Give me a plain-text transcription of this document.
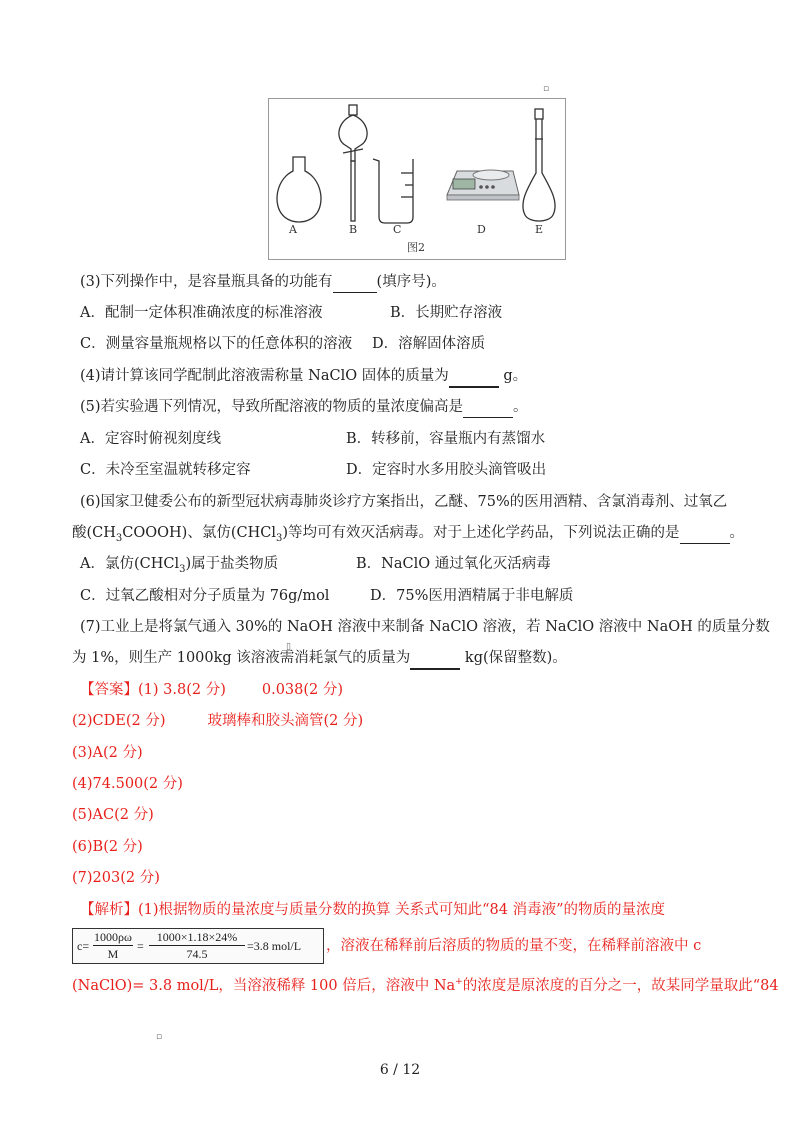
▫
A	B	C	D	E
图2
(3)下列操作中，是容量瓶具备的功能有	(填序号)。
A．配制一定体积准确浓度的标准溶液	B．长期贮存溶液
C．测量容量瓶规格以下的任意体积的溶液 D．溶解固体溶质
(4)请计算该同学配制此溶液需称量 NaClO 固体的质量为	g。
(5)若实验遇下列情况，导致所配溶液的物质的量浓度偏高是	。
A．定容时俯视刻度线	B．转移前，容量瓶内有蒸馏水
C．未冷至室温就转移定容	D．定容时水多用胶头滴管吸出
(6)国家卫健委公布的新型冠状病毒肺炎诊疗方案指出，乙醚、75%的医用酒精、含氯消毒剂、过氧乙
酸$(CH_3COOOH)$、氯仿(CHCl$_3$)等均可有效灭活病毒。对于上述化学药品，下列说法正确的是	。
A．氯仿(CHCl$_3$)属于盐类物质	B．NaClO 通过氧化灭活病毒
C．过氧乙酸相对分子质量为 76g/mol	D．75%医用酒精属于非电解质
(7)工业上是将氯气通入 30%的 NaOH 溶液中来制备 NaClO 溶液，若 NaClO 溶液中 NaOH 的质量分数
为 1%，则生产 1000kg 该溶液需消耗氯气的质量为	kg(保留整数)。
▯
【答案】(1) 3.8(2 分) 0.038(2 分)
(2)CDE(2 分)	玻璃棒和胶头滴管(2 分)
(3)A(2 分)
(4)74.500(2 分)
(5)AC(2 分)
(6)B(2 分)
(7)203(2 分)
【解析】(1)根据物质的量浓度与质量分数的换算 关系式可知此“84 消毒液”的物质的量浓度
c=
1000ρω
M
=
1000×1.18×24%
74.5
=3.8 mol/L ，溶液在稀释前后溶质的物质的量不变，在稀释前溶液中 c
(NaClO)= 3.8 mol/L，当溶液稀释 100 倍后，溶液中 Na+的浓度是原浓度的百分之一，故某同学量取此“84
▫
6 / 12
